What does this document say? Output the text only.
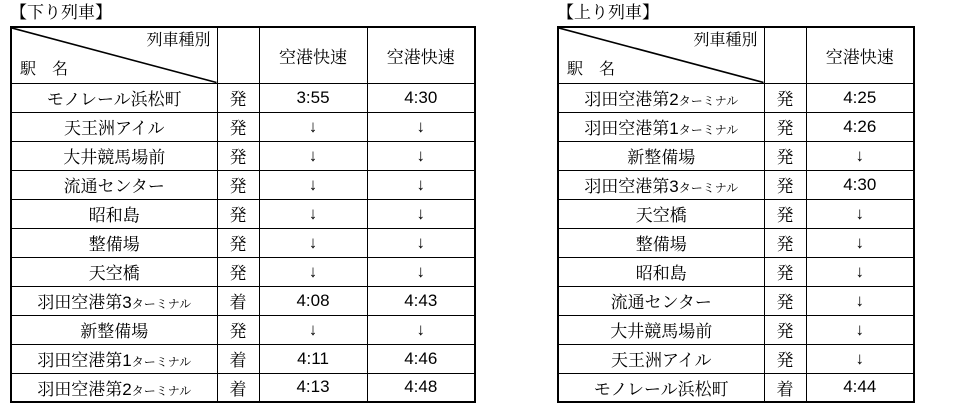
【下り列車】
列車種別
駅　名		空港快速	空港快速
モノレール浜松町	発	3:55	4:30
天王洲アイル	発	↓	↓
大井競馬場前	発	↓	↓
流通センター	発	↓	↓
昭和島	発	↓	↓
整備場	発	↓	↓
天空橋	発	↓	↓
羽田空港第3ターミナル	着	4:08	4:43
新整備場	発	↓	↓
羽田空港第1ターミナル	着	4:11	4:46
羽田空港第2ターミナル	着	4:13	4:48
【上り列車】
列車種別
駅　名		空港快速
羽田空港第2ターミナル	発	4:25
羽田空港第1ターミナル	発	4:26
新整備場	発	↓
羽田空港第3ターミナル	発	4:30
天空橋	発	↓
整備場	発	↓
昭和島	発	↓
流通センター	発	↓
大井競馬場前	発	↓
天王洲アイル	発	↓
モノレール浜松町	着	4:44
